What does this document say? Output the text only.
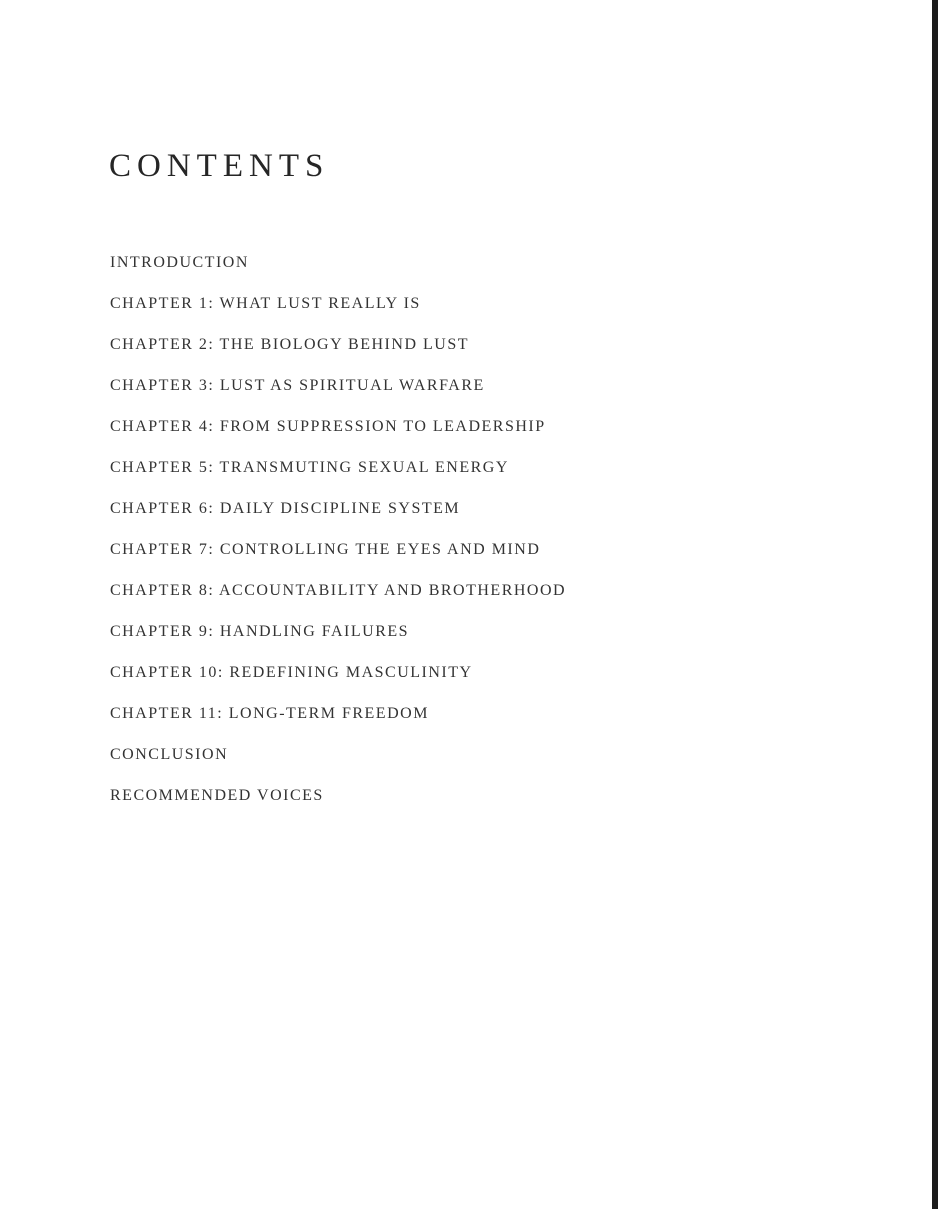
CONTENTS
INTRODUCTION
CHAPTER 1: WHAT LUST REALLY IS
CHAPTER 2: THE BIOLOGY BEHIND LUST
CHAPTER 3: LUST AS SPIRITUAL WARFARE
CHAPTER 4: FROM SUPPRESSION TO LEADERSHIP
CHAPTER 5: TRANSMUTING SEXUAL ENERGY
CHAPTER 6: DAILY DISCIPLINE SYSTEM
CHAPTER 7: CONTROLLING THE EYES AND MIND
CHAPTER 8: ACCOUNTABILITY AND BROTHERHOOD
CHAPTER 9: HANDLING FAILURES
CHAPTER 10: REDEFINING MASCULINITY
CHAPTER 11: LONG-TERM FREEDOM
CONCLUSION
RECOMMENDED VOICES
